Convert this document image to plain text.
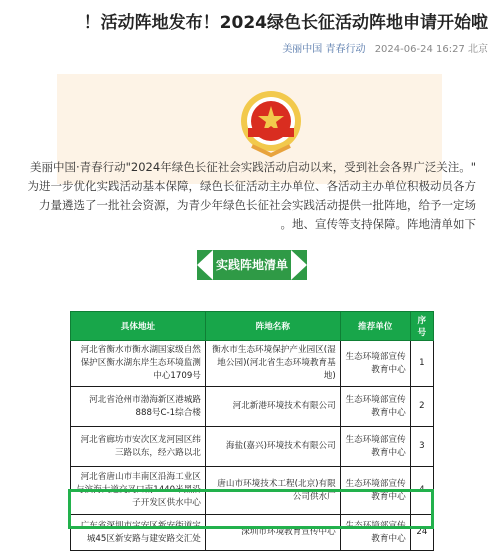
活动阵地发布！2024绿色长征活动阵地申请开始啦！
美丽中国 青春行动 2024-06-24 16:27 北京
"美丽中国·青春行动"2024年绿色长征社会实践活动启动以来，受到社会各界广泛关注。为进一步优化实践活动基本保障，绿色长征活动主办单位、各活动主办单位积极动员各方力量遴选了一批社会资源，为青少年绿色长征社会实践活动提供一批阵地，给予一定场地、宣传等支持保障。阵地清单如下。
实践阵地清单
序号	推荐单位	阵地名称	具体地址
1	生态环境部宣传教育中心	衡水市生态环境保护产业园区(湿地公园)(河北省生态环境教育基地)	河北省衡水市衡水湖国家级自然保护区衡水湖东岸生态环境监测中心1709号
2	生态环境部宣传教育中心	河北新港环境技术有限公司	河北省沧州市渤海新区港城路888号C-1综合楼
3	生态环境部宣传教育中心	海盐(嘉兴)环境技术有限公司	河北省廊坊市安次区龙河园区纬三路以东，经六路以北
4	生态环境部宣传教育中心	唐山市环境技术工程(北京)有限公司供水厂	河北省唐山市丰南区沿海工业区与滨海大道交叉口南1440米黑沿子开发区供水中心
24	生态环境部宣传教育中心	深圳市环境教育宣传中心	广东省深圳市宝安区新安街道宝城45区新安路与建安路交汇处
